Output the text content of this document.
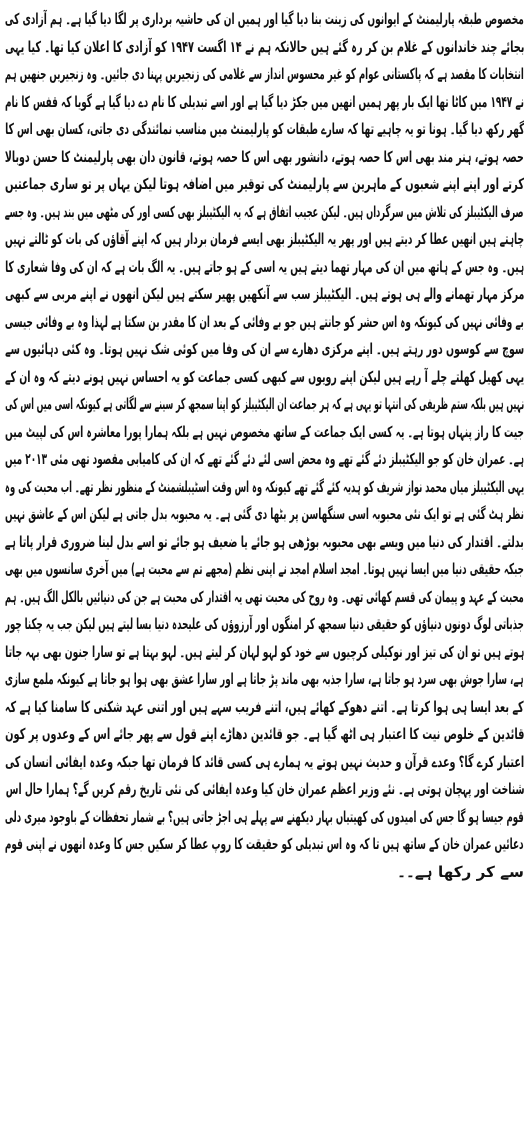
مخصوص طبقہ پارلیمنٹ کے ایوانوں کی زینت بنا دیا گیا اور ہمیں ان کی حاشیہ برداری پر لگا دیا گیا ہے۔ ہم آزادی کی
بجائے چند خاندانوں کے غلام بن کر رہ گئے ہیں حالانکہ ہم نے ۱۴ اگست ۱۹۴۷ کو آزادی کا اعلان کیا تھا۔ کیا یہی
انتخابات کا مقصد ہے کہ پاکستانی عوام کو غیر محسوس انداز سے غلامی کی زنجیریں پہنا دی جائیں۔ وہ زنجیریں جنھیں ہم
نے ۱۹۴۷ میں کاٹا تھا ایک بار پھر ہمیں انھیں میں جکڑ دیا گیا ہے اور اسے تبدیلی کا نام دے دیا گیا ہے گویا کہ قفس کا نام
گھر رکھ دیا گیا۔ ہونا تو یہ چاہیے تھا کہ سارے طبقات کو پارلیمنٹ میں مناسب نمائندگی دی جاتی، کسان بھی اس کا
حصہ ہوتے، ہنر مند بھی اس کا حصہ ہوتے، دانشور بھی اس کا حصہ ہوتے، قانون دان بھی پارلیمنٹ کا حسن دوبالا
کرتے اور اپنے اپنے شعبوں کے ماہرین سے پارلیمنٹ کی توقیر میں اضافہ ہوتا لیکن یہاں پر تو ساری جماعتیں
صرف الیکٹیبلز کی تلاش میں سرگرداں ہیں۔ لیکن عجیب اتفاق ہے کہ یہ الیکٹیبلز بھی کسی اور کی مٹھی میں بند ہیں۔ وہ جسے
چاہتے ہیں انھیں عطا کر دیتے ہیں اور پھر یہ الیکٹیبلز بھی ایسے فرمان بردار ہیں کہ اپنے آقاؤں کی بات کو ٹالتے نہیں
ہیں۔ وہ جس کے ہاتھ میں ان کی مہار تھما دیتے ہیں یہ اسی کے ہو جاتے ہیں۔ یہ الگ بات ہے کہ ان کی وفا شعاری کا
مرکز مہار تھمانے والے ہی ہوتے ہیں۔ الیکٹیبلز سب سے آنکھیں پھیر سکتے ہیں لیکن انھوں نے اپنے مربی سے کبھی
بے وفائی نہیں کی کیونکہ وہ اس حشر کو جانتے ہیں جو بے وفائی کے بعد ان کا مقدر بن سکتا ہے لہذا وہ بے وفائی جیسی
سوچ سے کوسوں دور رہتے ہیں۔ اپنے مرکزی دھارے سے ان کی وفا میں کوئی شک نہیں ہوتا۔ وہ کئی دہائیوں سے
یہی کھیل کھلتے چلے آ رہے ہیں لیکن اپنے رویوں سے کبھی کسی جماعت کو یہ احساس نہیں ہونے دیتے کہ وہ ان کے
نہیں ہیں بلکہ ستم ظریفی کی انتہا تو یہی ہے کہ ہر جماعت ان الیکٹیبلز کو اپنا سمجھ کر سینے سے لگاتی ہے کیونکہ اسی میں اس کی
جیت کا راز پنہاں ہوتا ہے۔ یہ کسی ایک جماعت کے ساتھ مخصوص نہیں ہے بلکہ ہمارا پورا معاشرہ اس کی لپیٹ میں
ہے۔ عمران خان کو جو الیکٹیبلز دئے گئے تھے وہ محض اسی لئے دئے گئے تھے کہ ان کی کامیابی مقصود تھی مئی ۲۰۱۳ میں
یہی الیکٹیبلز میاں محمد نواز شریف کو ہدیہ کئے گئے تھے کیونکہ وہ اس وقت اسٹیبلشمنٹ کے منظور نظر تھے۔ اب محبت کی وہ
نظر ہٹ گئی ہے تو ایک نئی محبوبہ اسی سنگھاسن پر بٹھا دی گئی ہے۔ یہ محبوبہ بدل جاتی ہے لیکن اس کے عاشق نہیں
بدلتے۔ اقتدار کی دنیا میں ویسے بھی محبوبہ بوڑھی ہو جائے یا ضعیف ہو جائے تو اسے بدل لینا ضروری قرار پاتا ہے
جبکہ حقیقی دنیا میں ایسا نہیں ہوتا۔ امجد اسلام امجد نے اپنی نظم (مجھے تم سے محبت ہے) میں آخری سانسوں میں بھی
محبت کے عہد و پیمان کی قسم کھائی تھی۔ وہ روح کی محبت تھی یہ اقتدار کی محبت ہے جن کی دنیائیں بالکل الگ ہیں۔ ہم
جذباتی لوگ دونوں دنیاؤں کو حقیقی دنیا سمجھ کر امنگوں اور آرزوؤں کی علیحدہ دنیا بسا لیتے ہیں لیکن جب یہ چکنا چور
ہوتے ہیں تو ان کی تیز اور نوکیلی کرچیوں سے خود کو لہو لہان کر لیتے ہیں۔ لہو بہتا ہے تو سارا جنون بھی بہہ جاتا
ہے، سارا جوش بھی سرد ہو جاتا ہے، سارا جذبہ بھی ماند پڑ جاتا ہے اور سارا عشق بھی ہوا ہو جاتا ہے کیونکہ ملمع سازی
کے بعد ایسا ہی ہوا کرتا ہے۔ اتنے دھوکے کھائے ہیں، اتنے فریب سہے ہیں اور اتنی عہد شکنی کا سامنا کیا ہے کہ
قائدین کے خلوص نیت کا اعتبار ہی اٹھ گیا ہے۔ جو قائدین دھاڑے اپنے قول سے پھر جائے اس کے وعدوں پر کون
اعتبار کرے گا؟ وعدے قرآن و حدیث نہیں ہوتے یہ ہمارے ہی کسی قائد کا فرمان تھا جبکہ وعدہ ایفائی انسان کی
شناخت اور پہچان ہوتی ہے۔ نئے وزیر اعظم عمران خان کیا وعدہ ایفائی کی نئی تاریخ رقم کریں گے؟ ہمارا حال اس
قوم جیسا ہو گا جس کی امیدوں کی کھیتیاں بہار دیکھنے سے پہلے ہی اجڑ جاتی ہیں؟ بے شمار تحفظات کے باوجود میری دلی
دعائیں عمران خان کے ساتھ ہیں تا کہ وہ اس تبدیلی کو حقیقت کا روپ عطا کر سکیں جس کا وعدہ انھوں نے اپنی قوم
سے کر رکھا ہے۔۔
